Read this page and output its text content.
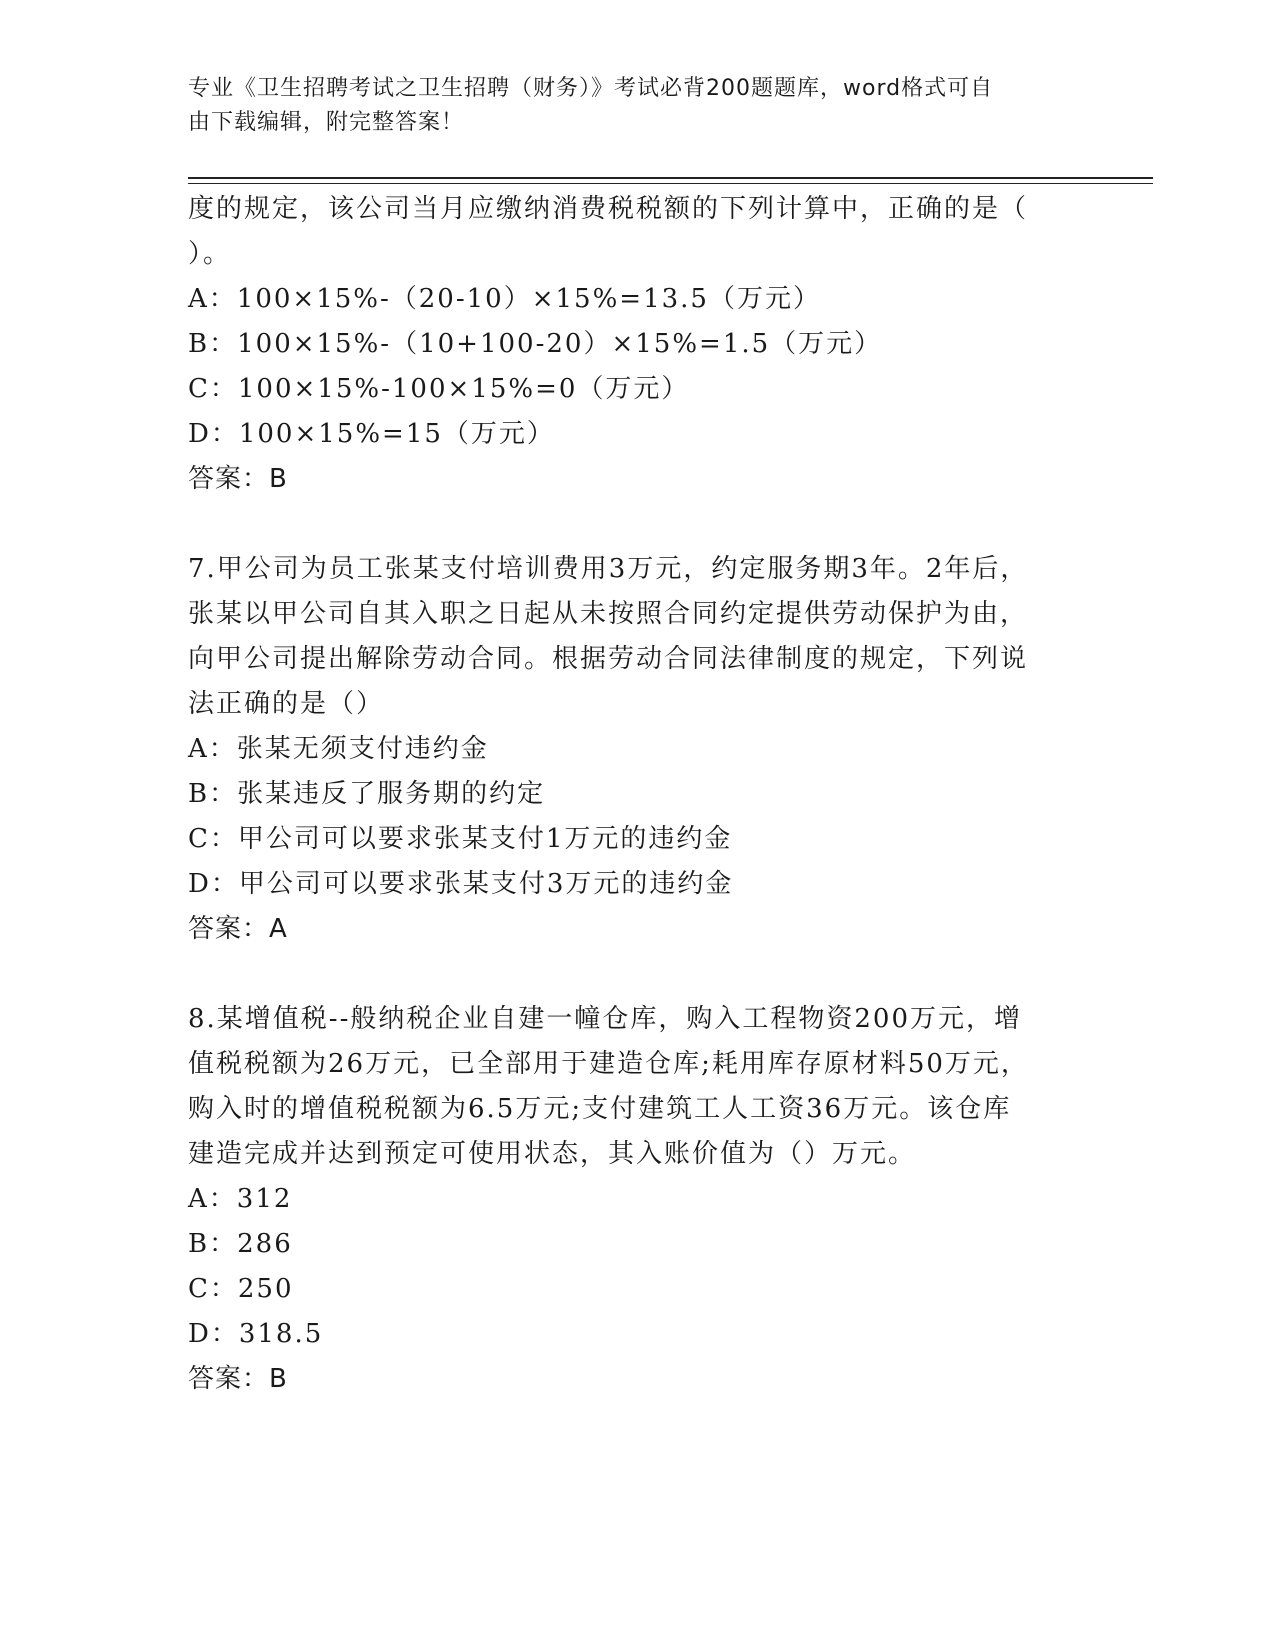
专业《卫生招聘考试之卫生招聘（财务）》考试必背200题题库，word格式可自
由下载编辑，附完整答案！
度的规定，该公司当月应缴纳消费税税额的下列计算中，正确的是（
）。
A：100×15%-（20-10）×15%=13.5（万元）
B：100×15%-（10+100-20）×15%=1.5（万元）
C：100×15%-100×15%=0（万元）
D：100×15%=15（万元）
答案：B
7.甲公司为员工张某支付培训费用3万元，约定服务期3年。2年后，
张某以甲公司自其入职之日起从未按照合同约定提供劳动保护为由，
向甲公司提出解除劳动合同。根据劳动合同法律制度的规定，下列说
法正确的是（）
A：张某无须支付违约金
B：张某违反了服务期的约定
C：甲公司可以要求张某支付1万元的违约金
D：甲公司可以要求张某支付3万元的违约金
答案：A
8.某增值税--般纳税企业自建一幢仓库，购入工程物资200万元，增
值税税额为26万元，已全部用于建造仓库;耗用库存原材料50万元，
购入时的增值税税额为6.5万元;支付建筑工人工资36万元。该仓库
建造完成并达到预定可使用状态，其入账价值为（）万元。
A：312
B：286
C：250
D：318.5
答案：B
